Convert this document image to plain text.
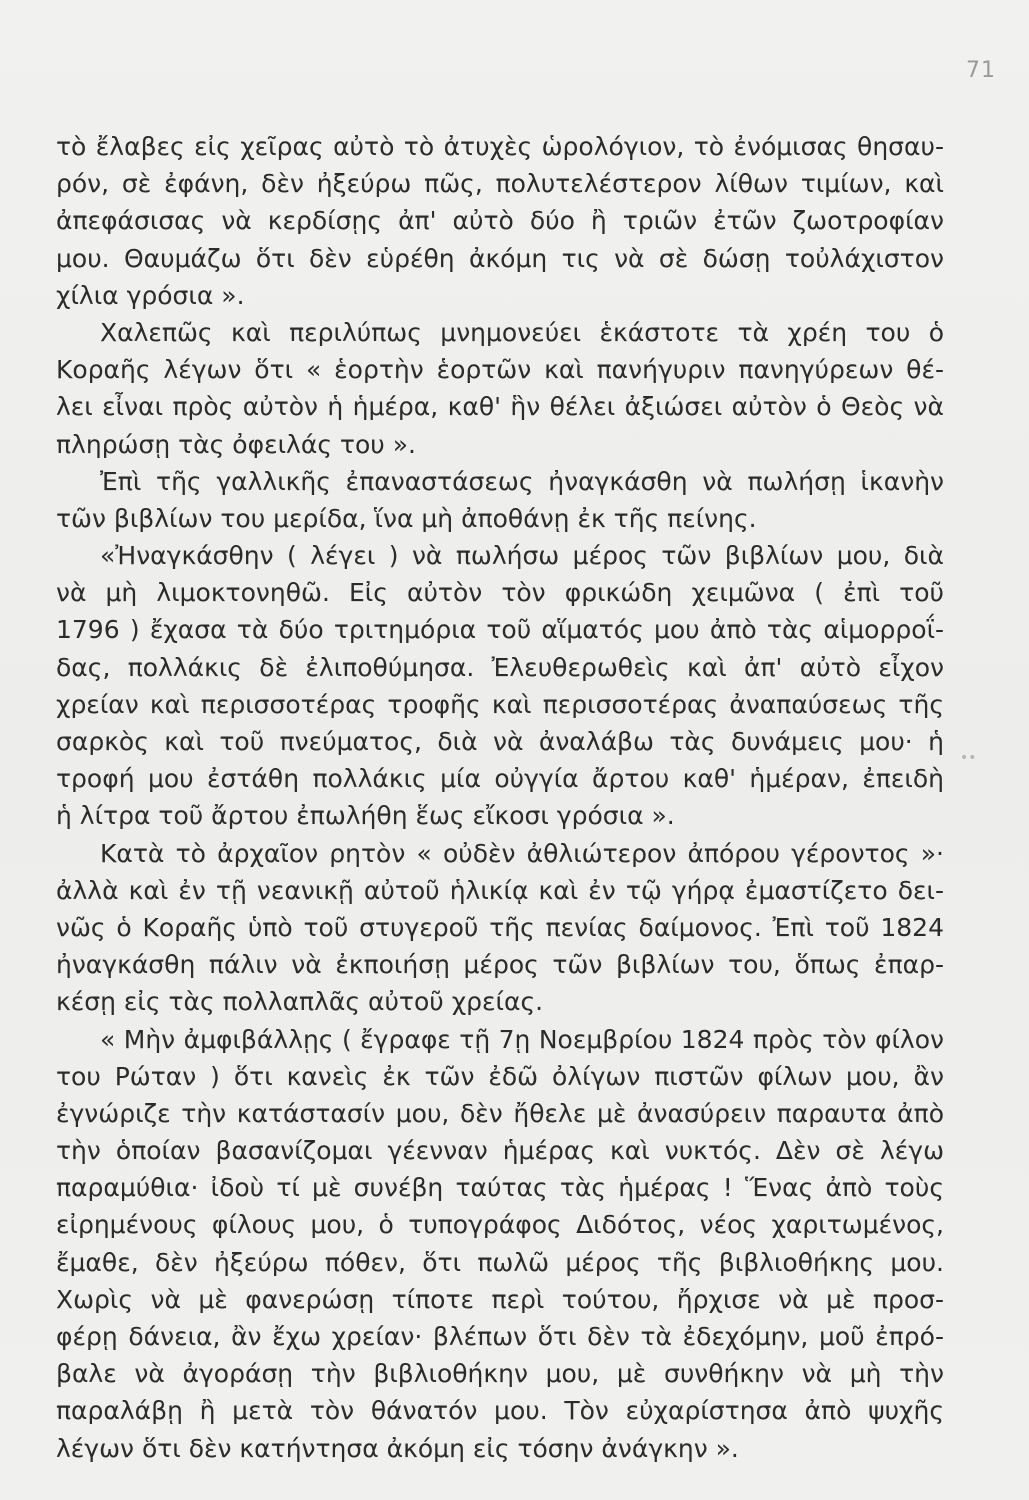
71
••
τὸ ἔλαβες εἰς χεῖρας αὐτὸ τὸ ἀτυχὲς ὡρολόγιον, τὸ ἐνόμισας θησαυ-
ρόν, σὲ ἐφάνη, δὲν ἠξεύρω πῶς, πολυτελέστερον λίθων τιμίων, καὶ
ἀπεφάσισας νὰ κερδίσῃς ἀπ' αὐτὸ δύο ἢ τριῶν ἐτῶν ζωοτροφίαν
μου. Θαυμάζω ὅτι δὲν εὑρέθη ἀκόμη τις νὰ σὲ δώσῃ τοὐλάχιστον
χίλια γρόσια ».
Χαλεπῶς καὶ περιλύπως μνημονεύει ἑκάστοτε τὰ χρέη του ὁ
Κοραῆς λέγων ὅτι « ἑορτὴν ἑορτῶν καὶ πανήγυριν πανηγύρεων θέ-
λει εἶναι πρὸς αὐτὸν ἡ ἡμέρα, καθ' ἣν θέλει ἀξιώσει αὐτὸν ὁ Θεὸς νὰ
πληρώσῃ τὰς ὀφειλάς του ».
Ἐπὶ τῆς γαλλικῆς ἐπαναστάσεως ἠναγκάσθη νὰ πωλήσῃ ἱκανὴν
τῶν βιβλίων του μερίδα, ἵνα μὴ ἀποθάνῃ ἐκ τῆς πείνης.
«Ἠναγκάσθην ( λέγει ) νὰ πωλήσω μέρος τῶν βιβλίων μου, διὰ
νὰ μὴ λιμοκτονηθῶ. Εἰς αὐτὸν τὸν φρικώδη χειμῶνα ( ἐπὶ τοῦ
1796 ) ἔχασα τὰ δύο τριτημόρια τοῦ αἵματός μου ἀπὸ τὰς αἱμορροΐ-
δας, πολλάκις δὲ ἐλιποθύμησα. Ἐλευθερωθεὶς καὶ ἀπ' αὐτὸ εἶχον
χρείαν καὶ περισσοτέρας τροφῆς καὶ περισσοτέρας ἀναπαύσεως τῆς
σαρκὸς καὶ τοῦ πνεύματος, διὰ νὰ ἀναλάβω τὰς δυνάμεις μου· ἡ
τροφή μου ἐστάθη πολλάκις μία οὐγγία ἄρτου καθ' ἡμέραν, ἐπειδὴ
ἡ λίτρα τοῦ ἄρτου ἐπωλήθη ἕως εἴκοσι γρόσια ».
Κατὰ τὸ ἀρχαῖον ρητὸν « οὐδὲν ἀθλιώτερον ἀπόρου γέροντος »·
ἀλλὰ καὶ ἐν τῇ νεανικῇ αὐτοῦ ἡλικίᾳ καὶ ἐν τῷ γήρᾳ ἐμαστίζετο δει-
νῶς ὁ Κοραῆς ὑπὸ τοῦ στυγεροῦ τῆς πενίας δαίμονος. Ἐπὶ τοῦ 1824
ἠναγκάσθη πάλιν νὰ ἐκποιήσῃ μέρος τῶν βιβλίων του, ὅπως ἐπαρ-
κέσῃ εἰς τὰς πολλαπλᾶς αὐτοῦ χρείας.
« Μὴν ἀμφιβάλλῃς ( ἔγραφε τῇ 7ῃ Νοεμβρίου 1824 πρὸς τὸν φίλον
του Ρώταν ) ὅτι κανεὶς ἐκ τῶν ἐδῶ ὀλίγων πιστῶν φίλων μου, ἂν
ἐγνώριζε τὴν κατάστασίν μου, δὲν ἤθελε μὲ ἀνασύρειν παραυτα ἀπὸ
τὴν ὁποίαν βασανίζομαι γέενναν ἡμέρας καὶ νυκτός. Δὲν σὲ λέγω
παραμύθια· ἰδοὺ τί μὲ συνέβη ταύτας τὰς ἡμέρας ! Ἕνας ἀπὸ τοὺς
εἰρημένους φίλους μου, ὁ τυπογράφος Διδότος, νέος χαριτωμένος,
ἔμαθε, δὲν ἠξεύρω πόθεν, ὅτι πωλῶ μέρος τῆς βιβλιοθήκης μου.
Χωρὶς νὰ μὲ φανερώσῃ τίποτε περὶ τούτου, ἤρχισε νὰ μὲ προσ-
φέρῃ δάνεια, ἂν ἔχω χρείαν· βλέπων ὅτι δὲν τὰ ἐδεχόμην, μοῦ ἐπρό-
βαλε νὰ ἀγοράσῃ τὴν βιβλιοθήκην μου, μὲ συνθήκην νὰ μὴ τὴν
παραλάβῃ ἢ μετὰ τὸν θάνατόν μου. Τὸν εὐχαρίστησα ἀπὸ ψυχῆς
λέγων ὅτι δὲν κατήντησα ἀκόμη εἰς τόσην ἀνάγκην ».
